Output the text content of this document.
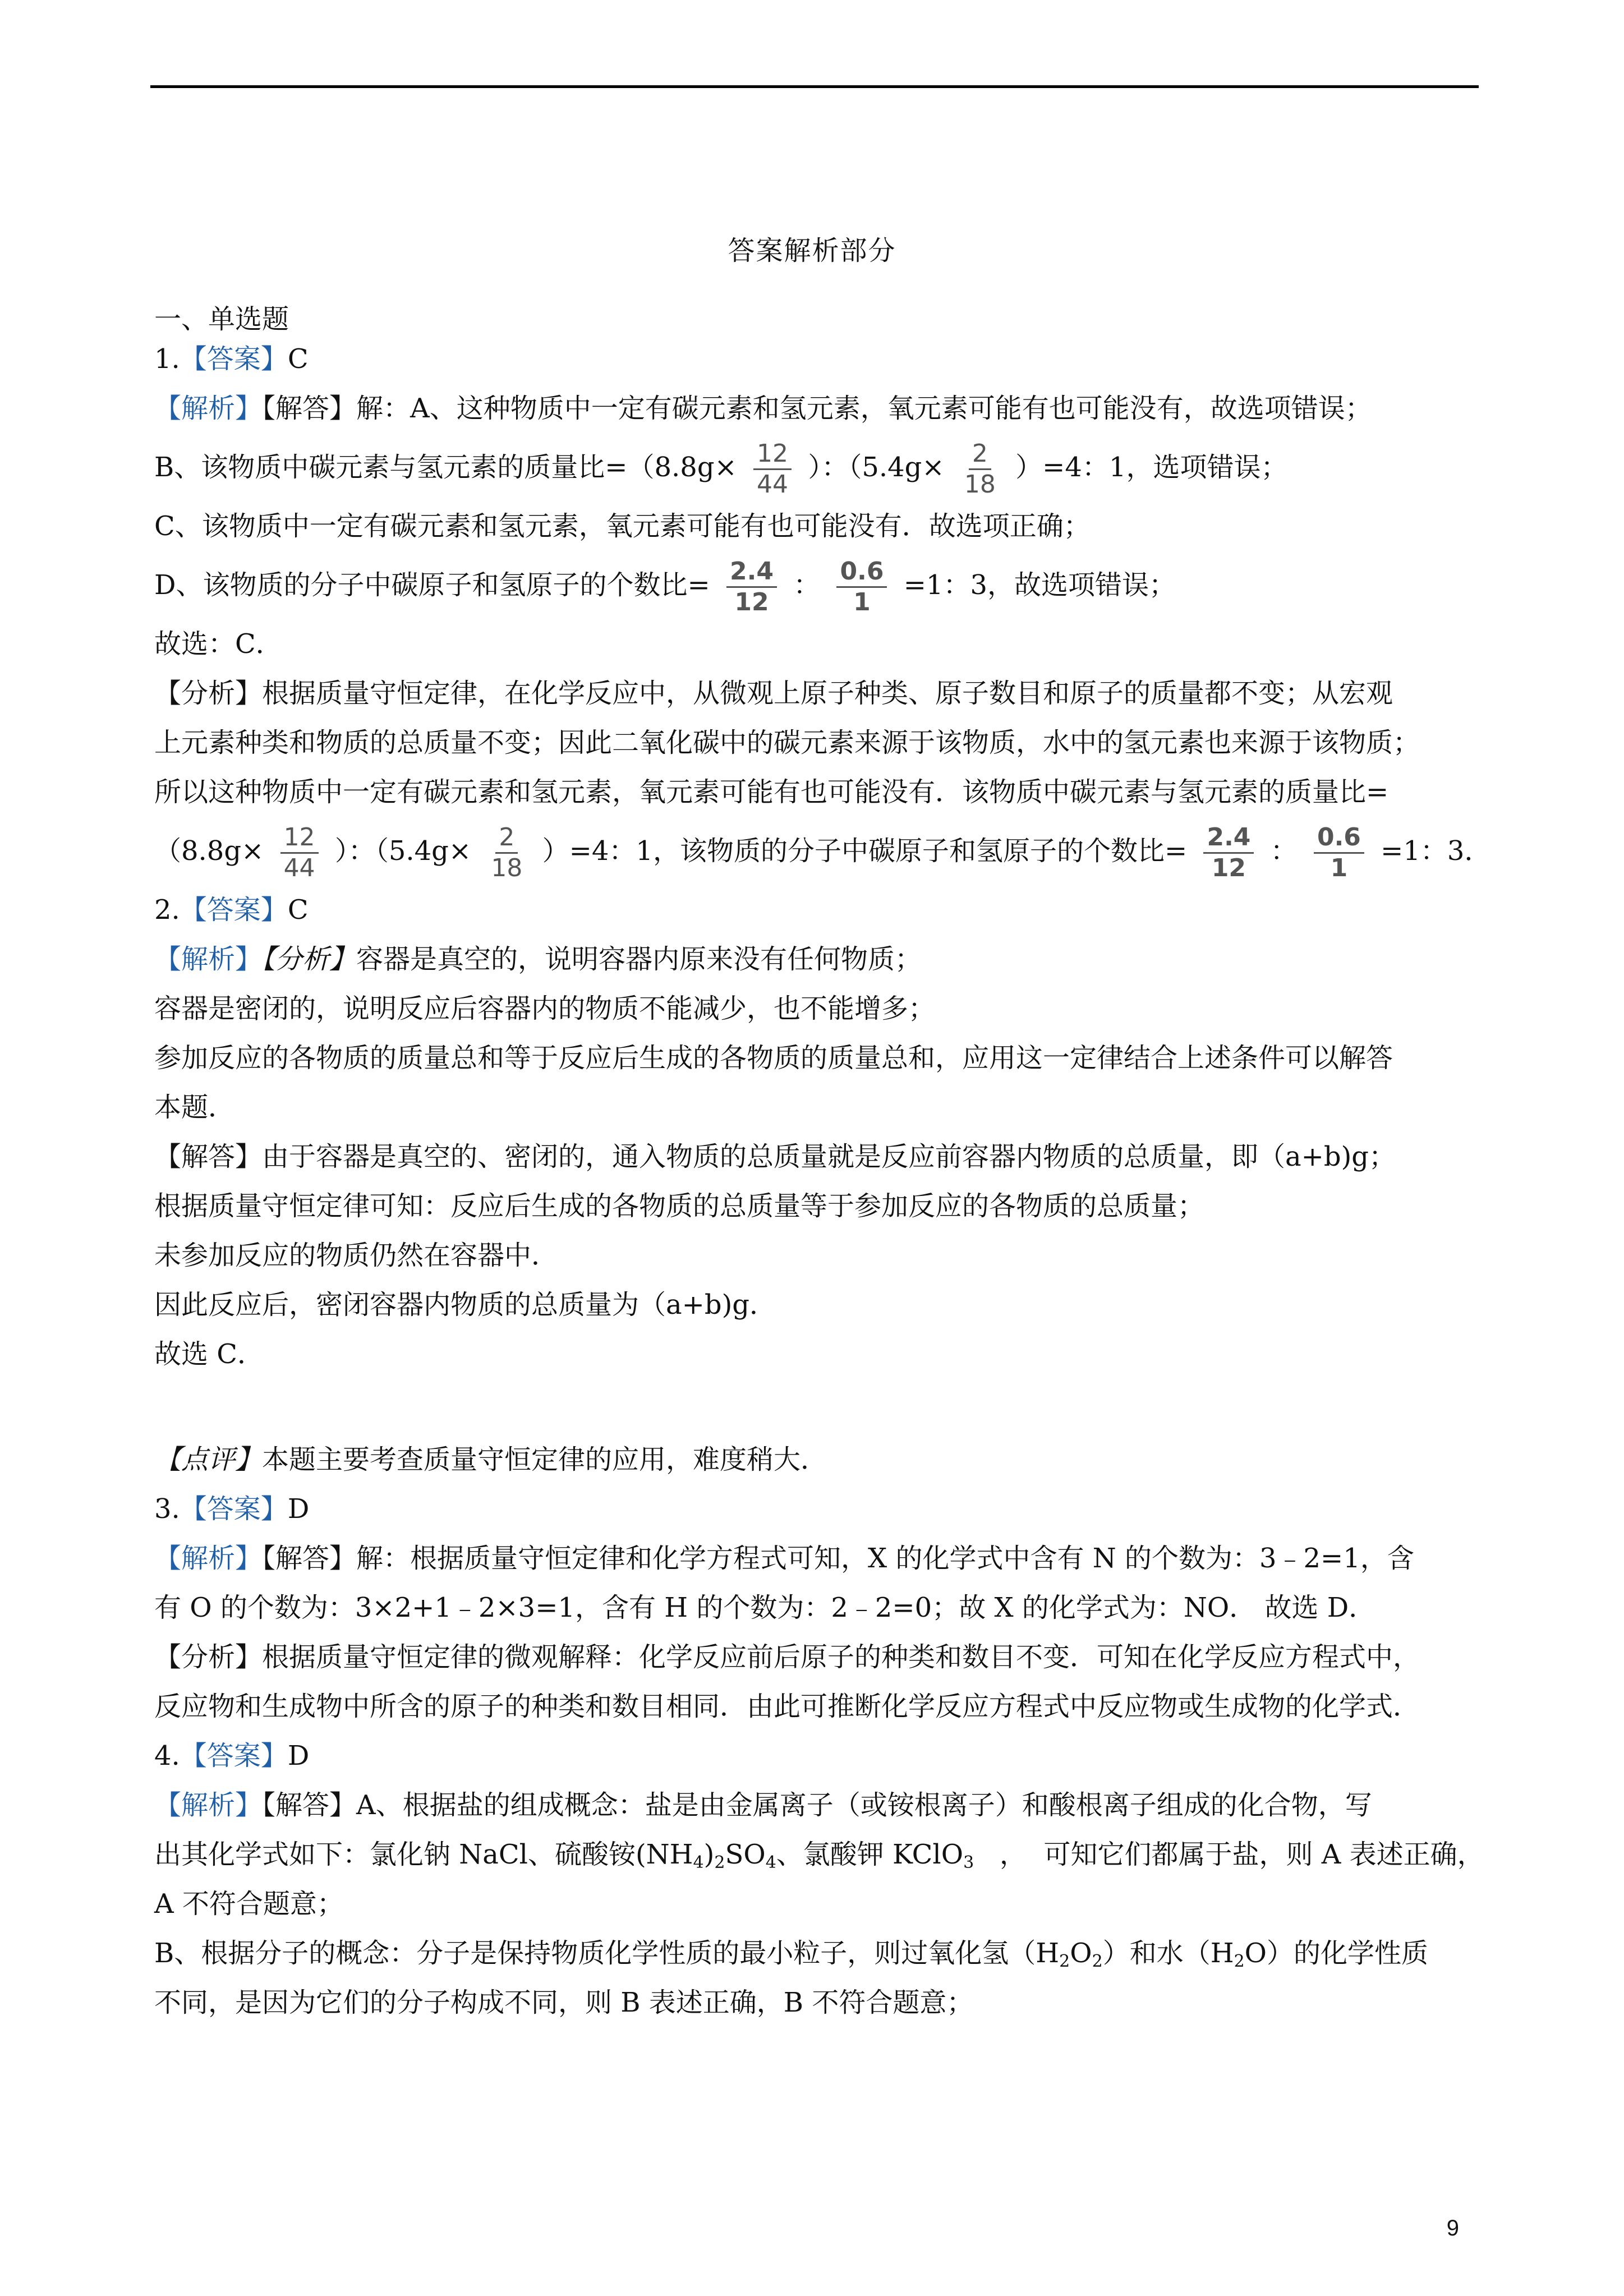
答案解析部分
一、单选题
1.【答案】C
【解析】【解答】解：A、这种物质中一定有碳元素和氢元素，氧元素可能有也可能没有，故选项错误；
B、该物质中碳元素与氢元素的质量比$=(8.8g\times \frac{12}{44}$ ）：$(5.4g\times \frac{2}{18} )=4$：1，选项错误；
C、该物质中一定有碳元素和氢元素，氧元素可能有也可能没有．故选项正确；
D、该物质的分子中碳原子和氢原子的个数比= $\frac{2.4}{12}$ ： $\frac{0.6}{1} =1$：3，故选项错误；
故选：C．
【分析】根据质量守恒定律，在化学反应中，从微观上原子种类、原子数目和原子的质量都不变；从宏观
上元素种类和物质的总质量不变；因此二氧化碳中的碳元素来源于该物质，水中的氢元素也来源于该物质；
所以这种物质中一定有碳元素和氢元素，氧元素可能有也可能没有．该物质中碳元素与氢元素的质量比=
（$8.8g\times \frac{12}{44}$ ）：$(5.4g\times \frac{2}{18} )=4$：1，该物质的分子中碳原子和氢原子的个数比= $\frac{2.4}{12}$ ： $\frac{0.6}{1} =1$：3．
2.【答案】C
【解析】【分析】容器是真空的，说明容器内原来没有任何物质；
容器是密闭的，说明反应后容器内的物质不能减少，也不能增多；
参加反应的各物质的质量总和等于反应后生成的各物质的质量总和，应用这一定律结合上述条件可以解答
本题．
【解答】由于容器是真空的、密闭的，通入物质的总质量就是反应前容器内物质的总质量，即（a+b)g；
根据质量守恒定律可知：反应后生成的各物质的总质量等于参加反应的各物质的总质量；
未参加反应的物质仍然在容器中．
因此反应后，密闭容器内物质的总质量为（a+b)g．
故选 C．
【点评】本题主要考查质量守恒定律的应用，难度稍大．
3.【答案】D
【解析】【解答】解：根据质量守恒定律和化学方程式可知，X 的化学式中含有 N 的个数为：3﹣2=1，含
有 O 的个数为：3×2+1﹣2×3=1，含有 H 的个数为：2﹣2=0；故 X 的化学式为：NO． 故选 D．
【分析】根据质量守恒定律的微观解释：化学反应前后原子的种类和数目不变．可知在化学反应方程式中，
反应物和生成物中所含的原子的种类和数目相同．由此可推断化学反应方程式中反应物或生成物的化学式．
4.【答案】D
【解析】【解答】A、根据盐的组成概念：盐是由金属离子（或铵根离子）和酸根离子组成的化合物，写
出其化学式如下：氯化钠 NaCl、硫酸铵$(NH_4)_2SO_4$、氯酸钾 KClO$_3$   ，  可知它们都属于盐，则 A 表述正确，
A 不符合题意；
B、根据分子的概念：分子是保持物质化学性质的最小粒子，则过氧化氢$(H_2O_2)$和水$(H_2O)$的化学性质
不同，是因为它们的分子构成不同，则 B 表述正确，B 不符合题意；
9
